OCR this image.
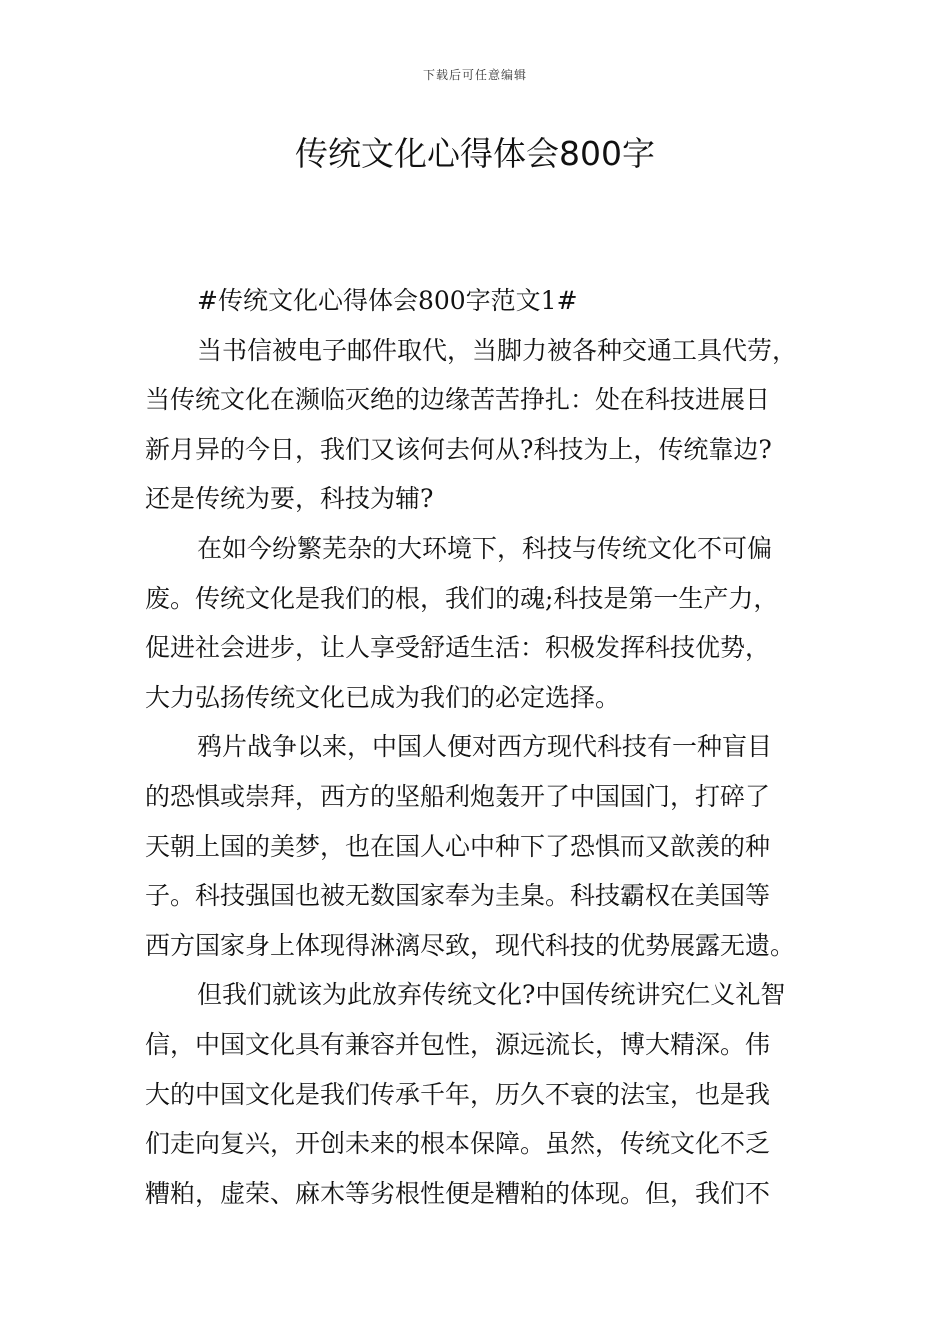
下载后可任意编辑
传统文化心得体会800字

#传统文化心得体会800字范文1#

当书信被电子邮件取代，当脚力被各种交通工具代劳，
当传统文化在濒临灭绝的边缘苦苦挣扎：处在科技进展日
新月异的今日，我们又该何去何从?科技为上，传统靠边?
还是传统为要，科技为辅?

在如今纷繁芜杂的大环境下，科技与传统文化不可偏
废。传统文化是我们的根，我们的魂;科技是第一生产力，
促进社会进步，让人享受舒适生活：积极发挥科技优势，
大力弘扬传统文化已成为我们的必定选择。

鸦片战争以来，中国人便对西方现代科技有一种盲目
的恐惧或崇拜，西方的坚船利炮轰开了中国国门，打碎了
天朝上国的美梦，也在国人心中种下了恐惧而又歆羡的种
子。科技强国也被无数国家奉为圭臬。科技霸权在美国等
西方国家身上体现得淋漓尽致，现代科技的优势展露无遗。

但我们就该为此放弃传统文化?中国传统讲究仁义礼智
信，中国文化具有兼容并包性，源远流长，博大精深。伟
大的中国文化是我们传承千年，历久不衰的法宝，也是我
们走向复兴，开创未来的根本保障。虽然，传统文化不乏
糟粕，虚荣、麻木等劣根性便是糟粕的体现。但，我们不
